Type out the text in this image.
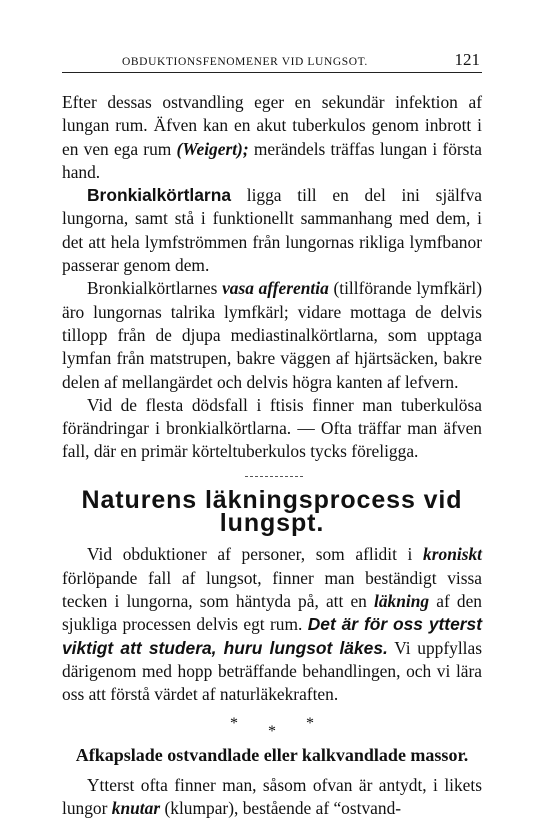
OBDUKTIONSFENOMENER VID LUNGSOT.	121

Efter dessas ostvandling eger en sekundär infektion af lungan rum. Äfven kan en akut tuberkulos genom inbrott i en ven ega rum (Weigert); merändels träffas lungan i första hand.

Bronkialkörtlarna ligga till en del ini själfva lungorna, samt stå i funktionellt sammanhang med dem, i det att hela lymfströmmen från lungornas rikliga lymfbanor passerar genom dem.

Bronkialkörtlarnes vasa afferentia (tillförande lymfkärl) äro lungornas talrika lymfkärl; vidare mottaga de delvis tillopp från de djupa mediastinalkörtlarna, som upptaga lymfan från matstrupen, bakre väggen af hjärtsäcken, bakre delen af mellangärdet och delvis högra kanten af lefvern.

Vid de flesta dödsfall i ftisis finner man tuberkulösa förändringar i bronkialkörtlarna. — Ofta träffar man äfven fall, där en primär körteltuberkulos tycks föreligga.

Naturens läkningsprocess vid lungspt.

Vid obduktioner af personer, som aflidit i kroniskt förlöpande fall af lungsot, finner man beständigt vissa tecken i lungorna, som häntyda på, att en läkning af den sjukliga processen delvis egt rum. Det är för oss ytterst viktigt att studera, huru lungsot läkes. Vi uppfyllas därigenom med hopp beträffande behandlingen, och vi lära oss att förstå värdet af naturläkekraften.

* * *
Afkapslade ostvandlade eller kalkvandlade massor.

Ytterst ofta finner man, såsom ofvan är antydt, i likets lungor knutar (klumpar), bestående af “ostvand-
